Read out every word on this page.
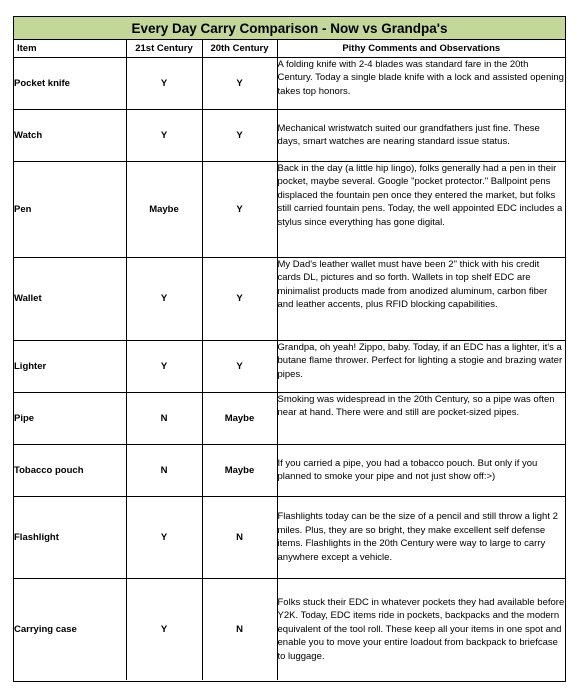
Every Day Carry Comparison - Now vs Grandpa's
Item	21st Century	20th Century	Pithy Comments and Observations
Pocket knife	Y	Y	A folding knife with 2-4 blades was standard fare in the 20th Century. Today a single blade knife with a lock and assisted opening takes top honors.
Watch	Y	Y	Mechanical wristwatch suited our grandfathers just fine. These days, smart watches are nearing standard issue status.
Pen	Maybe	Y	Back in the day (a little hip lingo), folks generally had a pen in their pocket, maybe several. Google "pocket protector." Ballpoint pens displaced the fountain pen once they entered the market, but folks still carried fountain pens. Today, the well appointed EDC includes a stylus since everything has gone digital.
Wallet	Y	Y	My Dad's leather wallet must have been 2" thick with his credit cards DL, pictures and so forth. Wallets in top shelf EDC are minimalist products made from anodized aluminum, carbon fiber and leather accents, plus RFID blocking capabilities.
Lighter	Y	Y	Grandpa, oh yeah! Zippo, baby. Today, if an EDC has a lighter, it's a butane flame thrower. Perfect for lighting a stogie and brazing water pipes.
Pipe	N	Maybe	Smoking was widespread in the 20th Century, so a pipe was often near at hand. There were and still are pocket-sized pipes.
Tobacco pouch	N	Maybe	If you carried a pipe, you had a tobacco pouch. But only if you planned to smoke your pipe and not just show off:>)
Flashlight	Y	N	Flashlights today can be the size of a pencil and still throw a light 2 miles. Plus, they are so bright, they make excellent self defense items. Flashlights in the 20th Century were way to large to carry anywhere except a vehicle.
Carrying case	Y	N	Folks stuck their EDC in whatever pockets they had available before Y2K. Today, EDC items ride in pockets, backpacks and the modern equivalent of the tool roll. These keep all your items in one spot and enable you to move your entire loadout from backpack to briefcase to luggage.
